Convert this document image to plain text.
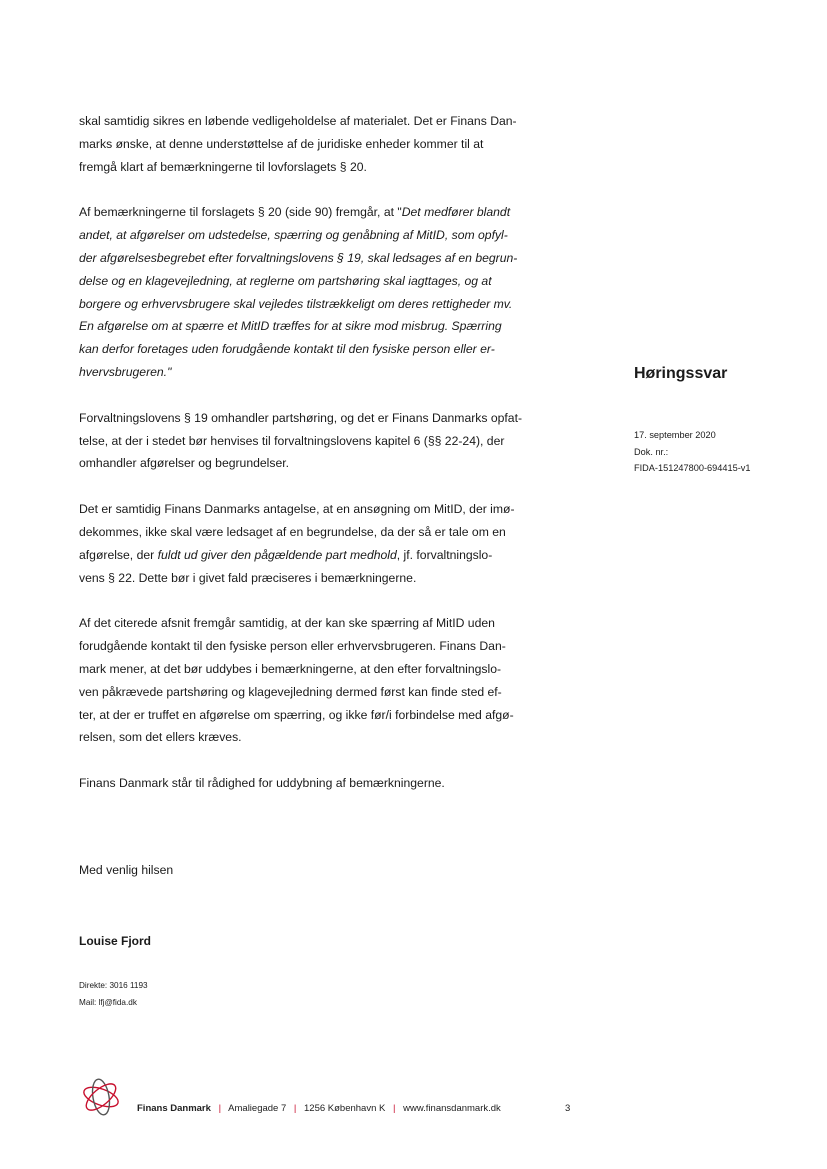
skal samtidig sikres en løbende vedligeholdelse af materialet. Det er Finans Dan-
marks ønske, at denne understøttelse af de juridiske enheder kommer til at
fremgå klart af bemærkningerne til lovforslagets § 20.

Af bemærkningerne til forslagets § 20 (side 90) fremgår, at "Det medfører blandt
andet, at afgørelser om udstedelse, spærring og genåbning af MitID, som opfyl-
der afgørelsesbegrebet efter forvaltningslovens § 19, skal ledsages af en begrun-
delse og en klagevejledning, at reglerne om partshøring skal iagttages, og at
borgere og erhvervsbrugere skal vejledes tilstrækkeligt om deres rettigheder mv.
En afgørelse om at spærre et MitID træffes for at sikre mod misbrug. Spærring
kan derfor foretages uden forudgående kontakt til den fysiske person eller er-
hvervsbrugeren."

Forvaltningslovens § 19 omhandler partshøring, og det er Finans Danmarks opfat-
telse, at der i stedet bør henvises til forvaltningslovens kapitel 6 (§§ 22-24), der
omhandler afgørelser og begrundelser.

Det er samtidig Finans Danmarks antagelse, at en ansøgning om MitID, der imø-
dekommes, ikke skal være ledsaget af en begrundelse, da der så er tale om en
afgørelse, der fuldt ud giver den pågældende part medhold, jf. forvaltningslo-
vens § 22. Dette bør i givet fald præciseres i bemærkningerne.

Af det citerede afsnit fremgår samtidig, at der kan ske spærring af MitID uden
forudgående kontakt til den fysiske person eller erhvervsbrugeren. Finans Dan-
mark mener, at det bør uddybes i bemærkningerne, at den efter forvaltningslo-
ven påkrævede partshøring og klagevejledning dermed først kan finde sted ef-
ter, at der er truffet en afgørelse om spærring, og ikke før/i forbindelse med afgø-
relsen, som det ellers kræves.

Finans Danmark står til rådighed for uddybning af bemærkningerne.

Høringssvar
17. september 2020
Dok. nr.:
FIDA-151247800-694415-v1
Med venlig hilsen
Louise Fjord
Direkte: 3016 1193
Mail: lfj@fida.dk
Finans Danmark | Amaliegade 7 | 1256 København K | www.finansdanmark.dk	3
